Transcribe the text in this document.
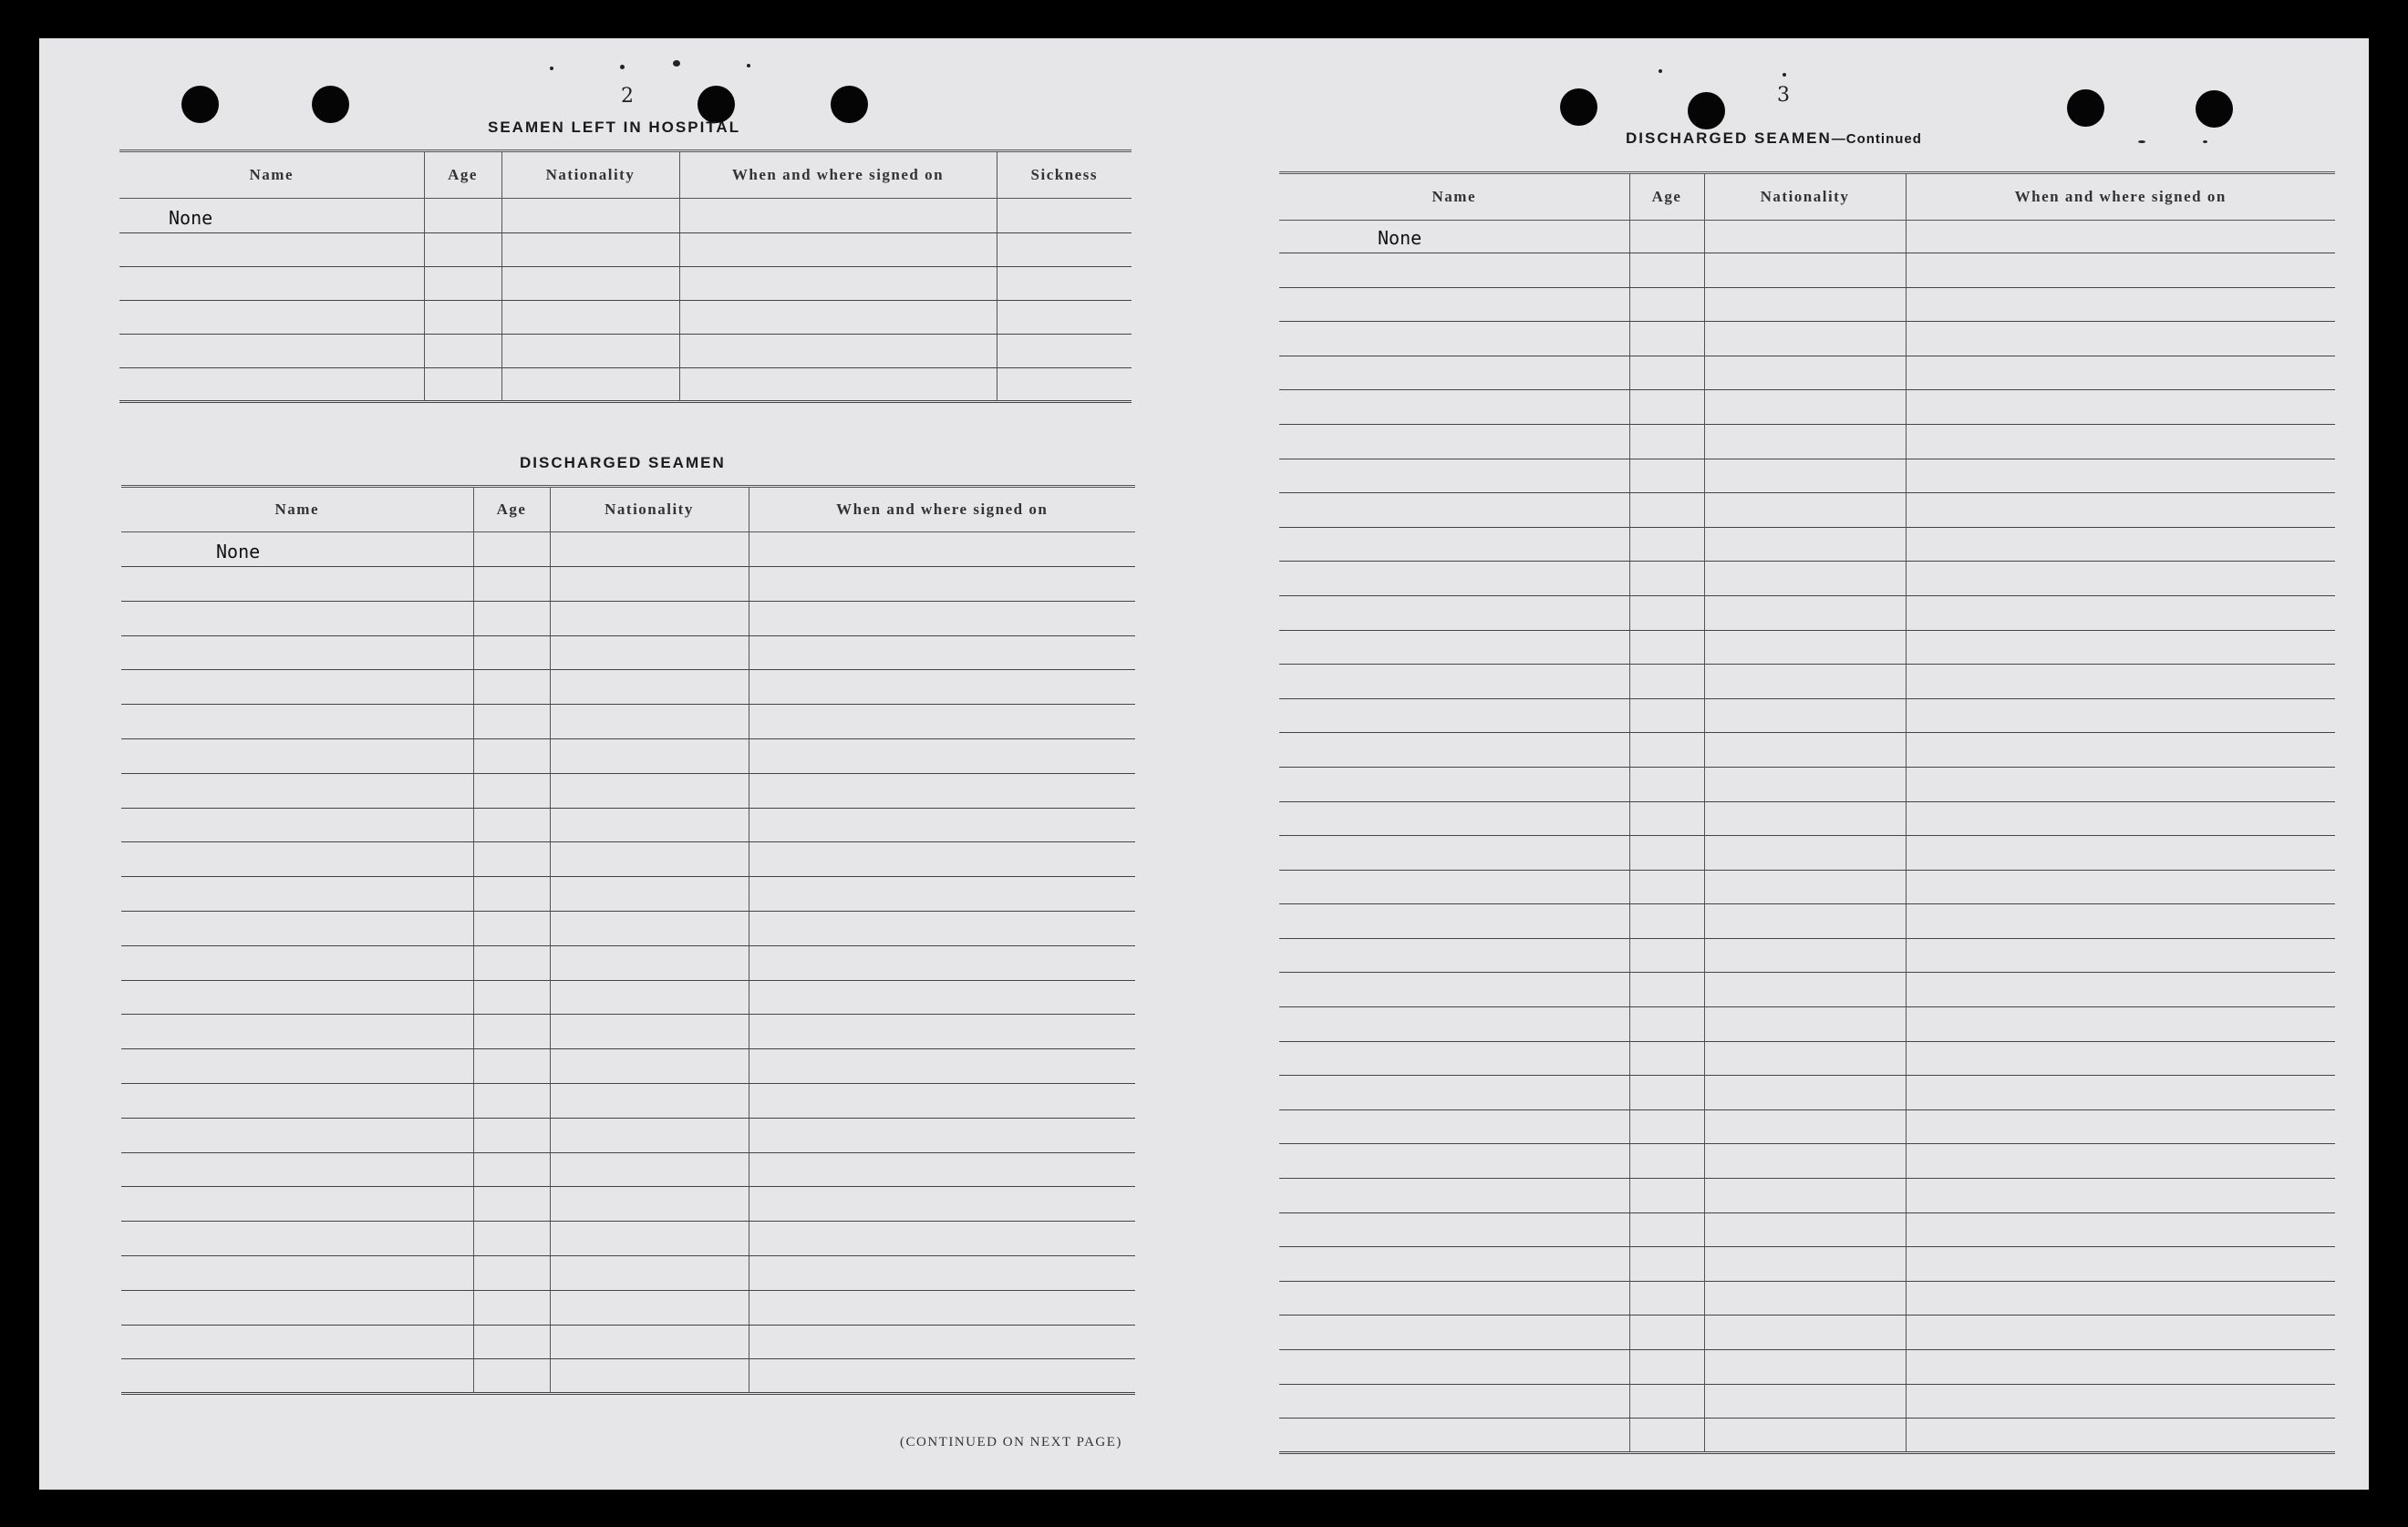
2
SEAMEN LEFT IN HOSPITAL
Name	Age	Nationality	When and where signed on	Sickness
None				

DISCHARGED SEAMEN
Name	Age	Nationality	When and where signed on
None			

(CONTINUED ON NEXT PAGE)
3
DISCHARGED SEAMEN—Continued
Name	Age	Nationality	When and where signed on
None			
